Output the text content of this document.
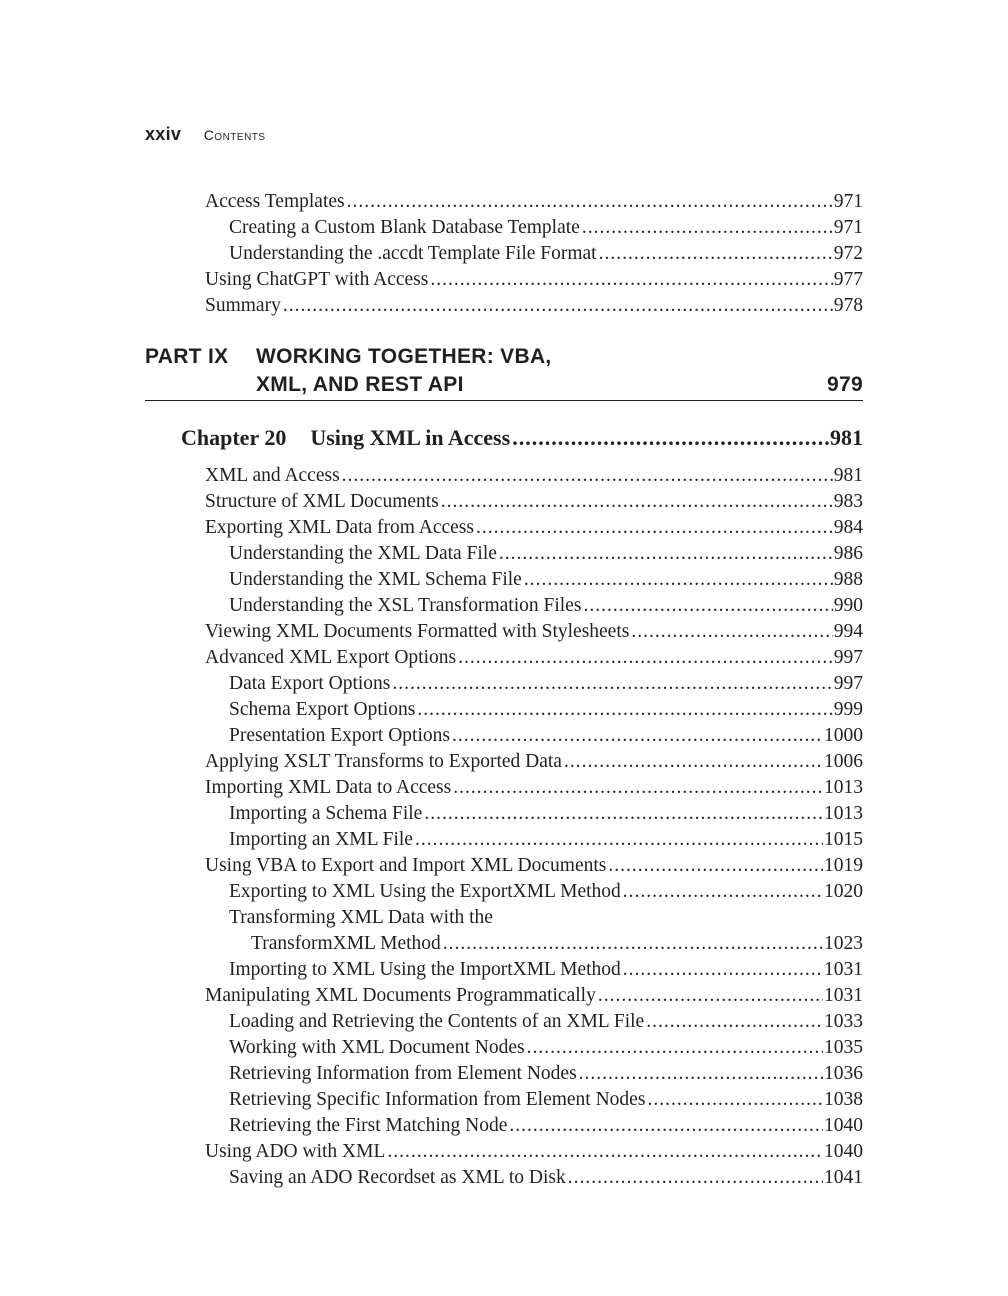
xxiv Contents
Access Templates .....	971
Creating a Custom Blank Database Template .....	971
Understanding the .accdt Template File Format .....	972
Using ChatGPT with Access .....	977
Summary .....	978
PART IX WORKING TOGETHER: VBA,
XML, AND REST API	979
Chapter 20 Using XML in Access .....	981
XML and Access .....	981
Structure of XML Documents .....	983
Exporting XML Data from Access .....	984
Understanding the XML Data File .....	986
Understanding the XML Schema File .....	988
Understanding the XSL Transformation Files .....	990
Viewing XML Documents Formatted with Stylesheets .....	994
Advanced XML Export Options .....	997
Data Export Options .....	997
Schema Export Options .....	999
Presentation Export Options .....	1000
Applying XSLT Transforms to Exported Data .....	1006
Importing XML Data to Access .....	1013
Importing a Schema File .....	1013
Importing an XML File .....	1015
Using VBA to Export and Import XML Documents .....	1019
Exporting to XML Using the ExportXML Method .....	1020
Transforming XML Data with the
TransformXML Method .....	1023
Importing to XML Using the ImportXML Method .....	1031
Manipulating XML Documents Programmatically .....	1031
Loading and Retrieving the Contents of an XML File .....	1033
Working with XML Document Nodes .....	1035
Retrieving Information from Element Nodes .....	1036
Retrieving Specific Information from Element Nodes .....	1038
Retrieving the First Matching Node .....	1040
Using ADO with XML .....	1040
Saving an ADO Recordset as XML to Disk .....	1041
